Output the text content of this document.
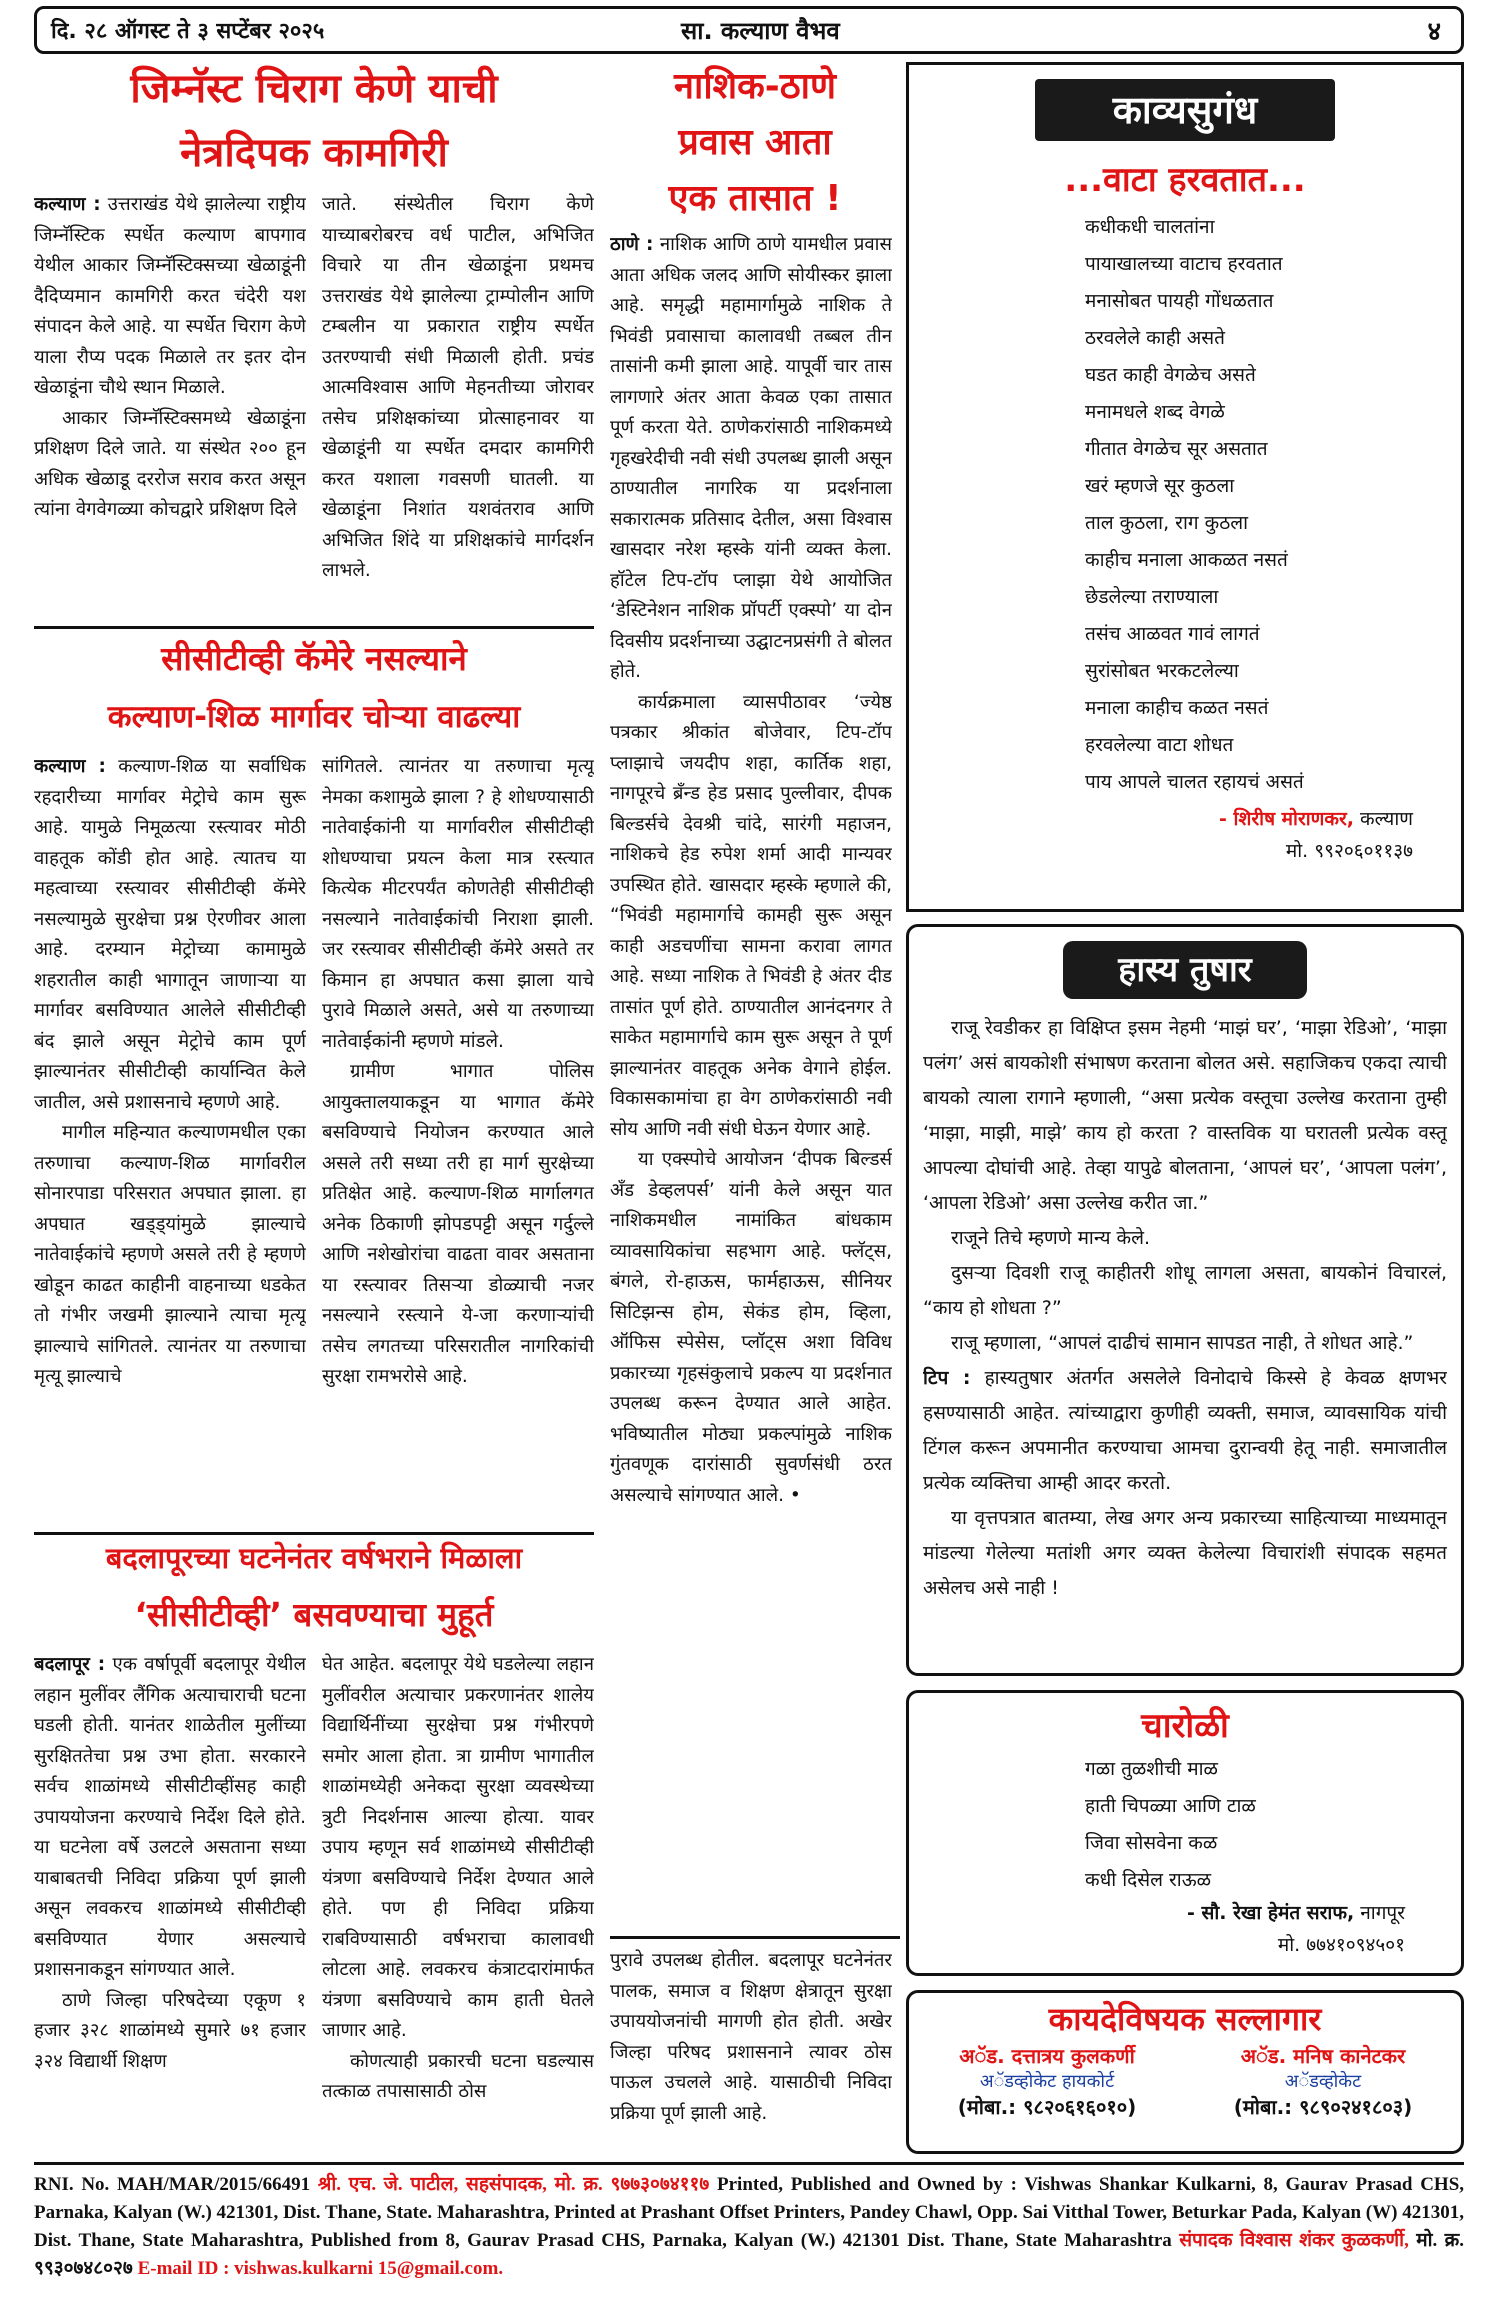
दि. २८ ऑगस्ट ते ३ सप्टेंबर २०२५	सा. कल्याण वैभव	४
जिम्नॅस्ट चिराग केणे याची
नेत्रदिपक कामगिरी

कल्याण : उत्तराखंड येथे झालेल्या राष्ट्रीय जिम्नॅस्टिक स्पर्धेत कल्याण बापगाव येथील आकार जिम्नॅस्टिक्सच्या खेळाडूंनी दैदिप्यमान कामगिरी करत चंदेरी यश संपादन केले आहे. या स्पर्धेत चिराग केणे याला रौप्य पदक मिळाले तर इतर दोन खेळाडूंना चौथे स्थान मिळाले.

आकार जिम्नॅस्टिक्समध्ये खेळाडूंना प्रशिक्षण दिले जाते. या संस्थेत २०० हून अधिक खेळाडू दररोज सराव करत असून त्यांना वेगवेगळ्या कोचद्वारे प्रशिक्षण दिले

जाते. संस्थेतील चिराग केणे याच्याबरोबरच वर्ध पाटील, अभिजित विचारे या तीन खेळाडूंना प्रथमच उत्तराखंड येथे झालेल्या ट्राम्पोलीन आणि टम्बलीन या प्रकारात राष्ट्रीय स्पर्धेत उतरण्याची संधी मिळाली होती. प्रचंड आत्मविश्वास आणि मेहनतीच्या जोरावर तसेच प्रशिक्षकांच्या प्रोत्साहनावर या खेळाडूंनी या स्पर्धेत दमदार कामगिरी करत यशाला गवसणी घातली. या खेळाडूंना निशांत यशवंतराव आणि अभिजित शिंदे या प्रशिक्षकांचे मार्गदर्शन लाभले.

सीसीटीव्ही कॅमेरे नसल्याने
कल्याण-शिळ मार्गावर चोऱ्या वाढल्या

कल्याण : कल्याण-शिळ या सर्वाधिक रहदारीच्या मार्गावर मेट्रोचे काम सुरू आहे. यामुळे निमूळत्या रस्त्यावर मोठी वाहतूक कोंडी होत आहे. त्यातच या महत्वाच्या रस्त्यावर सीसीटीव्ही कॅमेरे नसल्यामुळे सुरक्षेचा प्रश्न ऐरणीवर आला आहे. दरम्यान मेट्रोच्या कामामुळे शहरातील काही भागातून जाणाऱ्या या मार्गावर बसविण्यात आलेले सीसीटीव्ही बंद झाले असून मेट्रोचे काम पूर्ण झाल्यानंतर सीसीटीव्ही कार्यान्वित केले जातील, असे प्रशासनाचे म्हणणे आहे.

मागील महिन्यात कल्याणमधील एका तरुणाचा कल्याण-शिळ मार्गावरील सोनारपाडा परिसरात अपघात झाला. हा अपघात खड्ड्यांमुळे झाल्याचे नातेवाईकांचे म्हणणे असले तरी हे म्हणणे खोडून काढत काहीनी वाहनाच्या धडकेत तो गंभीर जखमी झाल्याने त्याचा मृत्यू झाल्याचे सांगितले. त्यानंतर या तरुणाचा मृत्यू झाल्याचे

सांगितले. त्यानंतर या तरुणाचा मृत्यू नेमका कशामुळे झाला ? हे शोधण्यासाठी नातेवाईकांनी या मार्गावरील सीसीटीव्ही शोधण्याचा प्रयत्न केला मात्र रस्त्यात कित्येक मीटरपर्यंत कोणतेही सीसीटीव्ही नसल्याने नातेवाईकांची निराशा झाली. जर रस्त्यावर सीसीटीव्ही कॅमेरे असते तर किमान हा अपघात कसा झाला याचे पुरावे मिळाले असते, असे या तरुणाच्या नातेवाईकांनी म्हणणे मांडले.

ग्रामीण भागात पोलिस आयुक्तालयाकडून या भागात कॅमेरे बसविण्याचे नियोजन करण्यात आले असले तरी सध्या तरी हा मार्ग सुरक्षेच्या प्रतिक्षेत आहे. कल्याण-शिळ मार्गालगत अनेक ठिकाणी झोपडपट्टी असून गर्दुल्ले आणि नशेखोरांचा वाढता वावर असताना या रस्त्यावर तिसऱ्या डोळ्याची नजर नसल्याने रस्त्याने ये-जा करणाऱ्यांची तसेच लगतच्या परिसरातील नागरिकांची सुरक्षा रामभरोसे आहे.

बदलापूरच्या घटनेनंतर वर्षभराने मिळाला
‘सीसीटीव्ही’ बसवण्याचा मुहूर्त

बदलापूर : एक वर्षापूर्वी बदलापूर येथील लहान मुलींवर लैंगिक अत्याचाराची घटना घडली होती. यानंतर शाळेतील मुलींच्या सुरक्षिततेचा प्रश्न उभा होता. सरकारने सर्वच शाळांमध्ये सीसीटीव्हींसह काही उपाययोजना करण्याचे निर्देश दिले होते. या घटनेला वर्षे उलटले असताना सध्या याबाबतची निविदा प्रक्रिया पूर्ण झाली असून लवकरच शाळांमध्ये सीसीटीव्ही बसविण्यात येणार असल्याचे प्रशासनाकडून सांगण्यात आले.

ठाणे जिल्हा परिषदेच्या एकूण १ हजार ३२८ शाळांमध्ये सुमारे ७१ हजार ३२४ विद्यार्थी शिक्षण

घेत आहेत. बदलापूर येथे घडलेल्या लहान मुलींवरील अत्याचार प्रकरणानंतर शालेय विद्यार्थिनींच्या सुरक्षेचा प्रश्न गंभीरपणे समोर आला होता. त्रा ग्रामीण भागातील शाळांमध्येही अनेकदा सुरक्षा व्यवस्थेच्या त्रुटी निदर्शनास आल्या होत्या. यावर उपाय म्हणून सर्व शाळांमध्ये सीसीटीव्ही यंत्रणा बसविण्याचे निर्देश देण्यात आले होते. पण ही निविदा प्रक्रिया राबविण्यासाठी वर्षभराचा कालावधी लोटला आहे. लवकरच कंत्राटदारांमार्फत यंत्रणा बसविण्याचे काम हाती घेतले जाणार आहे.

कोणत्याही प्रकारची घटना घडल्यास तत्काळ तपासासाठी ठोस

नाशिक-ठाणे
प्रवास आता
एक तासात !

ठाणे : नाशिक आणि ठाणे यामधील प्रवास आता अधिक जलद आणि सोयीस्कर झाला आहे. समृद्धी महामार्गामुळे नाशिक ते भिवंडी प्रवासाचा कालावधी तब्बल तीन तासांनी कमी झाला आहे. यापूर्वी चार तास लागणारे अंतर आता केवळ एका तासात पूर्ण करता येते. ठाणेकरांसाठी नाशिकमध्ये गृहखरेदीची नवी संधी उपलब्ध झाली असून ठाण्यातील नागरिक या प्रदर्शनाला सकारात्मक प्रतिसाद देतील, असा विश्वास खासदार नरेश म्हस्के यांनी व्यक्त केला. हॉटेल टिप-टॉप प्लाझा येथे आयोजित ‘डेस्टिनेशन नाशिक प्रॉपर्टी एक्स्पो’ या दोन दिवसीय प्रदर्शनाच्या उद्घाटनप्रसंगी ते बोलत होते.

कार्यक्रमाला व्यासपीठावर ‘ज्येष्ठ पत्रकार श्रीकांत बोजेवार, टिप-टॉप प्लाझाचे जयदीप शहा, कार्तिक शहा, नागपूरचे ब्रँन्ड हेड प्रसाद पुल्लीवार, दीपक बिल्डर्सचे देवश्री चांदे, सारंगी महाजन, नाशिकचे हेड रुपेश शर्मा आदी मान्यवर उपस्थित होते. खासदार म्हस्के म्हणाले की, “भिवंडी महामार्गाचे कामही सुरू असून काही अडचणींचा सामना करावा लागत आहे. सध्या नाशिक ते भिवंडी हे अंतर दीड तासांत पूर्ण होते. ठाण्यातील आनंदनगर ते साकेत महामार्गाचे काम सुरू असून ते पूर्ण झाल्यानंतर वाहतूक अनेक वेगाने होईल. विकासकामांचा हा वेग ठाणेकरांसाठी नवी सोय आणि नवी संधी घेऊन येणार आहे.

या एक्स्पोचे आयोजन ‘दीपक बिल्डर्स अँड डेव्हलपर्स’ यांनी केले असून यात नाशिकमधील नामांकित बांधकाम व्यावसायिकांचा सहभाग आहे. फ्लॅट्स, बंगले, रो-हाऊस, फार्महाऊस, सीनियर सिटिझन्स होम, सेकंड होम, व्हिला, ऑफिस स्पेसेस, प्लॉट्स अशा विविध प्रकारच्या गृहसंकुलाचे प्रकल्प या प्रदर्शनात उपलब्ध करून देण्यात आले आहेत. भविष्यातील मोठ्या प्रकल्पांमुळे नाशिक गुंतवणूक दारांसाठी सुवर्णसंधी ठरत असल्याचे सांगण्यात आले. •

पुरावे उपलब्ध होतील. बदलापूर घटनेनंतर पालक, समाज व शिक्षण क्षेत्रातून सुरक्षा उपाययोजनांची मागणी होत होती. अखेर जिल्हा परिषद प्रशासनाने त्यावर ठोस पाऊल उचलले आहे. यासाठीची निविदा प्रक्रिया पूर्ण झाली आहे.

काव्यसुगंध
...वाटा हरवतात...
कधीकधी चालतांना
पायाखालच्या वाटाच हरवतात
मनासोबत पायही गोंधळतात
ठरवलेले काही असते
घडत काही वेगळेच असते
मनामधले शब्द वेगळे
गीतात वेगळेच सूर असतात
खरं म्हणजे सूर कुठला
ताल कुठला, राग कुठला
काहीच मनाला आकळत नसतं
छेडलेल्या तराण्याला
तसंच आळवत गावं लागतं
सुरांसोबत भरकटलेल्या
मनाला काहीच कळत नसतं
हरवलेल्या वाटा शोधत
पाय आपले चालत रहायचं असतं
- शिरीष मोराणकर, कल्याण
मो. ९९२०६०११३७
हास्य तुषार

राजू रेवडीकर हा विक्षिप्त इसम नेहमी ‘माझं घर’, ‘माझा रेडिओ’, ‘माझा पलंग’ असं बायकोशी संभाषण करताना बोलत असे. सहाजिकच एकदा त्याची बायको त्याला रागाने म्हणाली, “असा प्रत्येक वस्तूचा उल्लेख करताना तुम्ही ‘माझा, माझी, माझे’ काय हो करता ? वास्तविक या घरातली प्रत्येक वस्तू आपल्या दोघांची आहे. तेव्हा यापुढे बोलताना, ‘आपलं घर’, ‘आपला पलंग’, ‘आपला रेडिओ’ असा उल्लेख करीत जा.”

राजूने तिचे म्हणणे मान्य केले.

दुसऱ्या दिवशी राजू काहीतरी शोधू लागला असता, बायकोनं विचारलं, “काय हो शोधता ?”

राजू म्हणाला, “आपलं दाढीचं सामान सापडत नाही, ते शोधत आहे.”

टिप : हास्यतुषार अंतर्गत असलेले विनोदाचे किस्से हे केवळ क्षणभर हसण्यासाठी आहेत. त्यांच्याद्वारा कुणीही व्यक्ती, समाज, व्यावसायिक यांची टिंगल करून अपमानीत करण्याचा आमचा दुरान्वयी हेतू नाही. समाजातील प्रत्येक व्यक्तिचा आम्ही आदर करतो.

या वृत्तपत्रात बातम्या, लेख अगर अन्य प्रकारच्या साहित्याच्या माध्यमातून मांडल्या गेलेल्या मतांशी अगर व्यक्त केलेल्या विचारांशी संपादक सहमत असेलच असे नाही !

चारोळी
गळा तुळशीची माळ
हाती चिपळ्या आणि टाळ
जिवा सोसवेना कळ
कधी दिसेल राऊळ
- सौ. रेखा हेमंत सराफ, नागपूर
मो. ७७४१०९४५०१
कायदेविषयक सल्लागार
अॅड. दत्तात्रय कुलकर्णी
अॅडव्होकेट हायकोर्ट
(मोबा.: ९८२०६१६०१०)
अॅड. मनिष कानेटकर
अॅडव्होकेट
(मोबा.: ९८९०२४१८०३)
RNI. No. MAH/MAR/2015/66491 श्री. एच. जे. पाटील, सहसंपादक, मो. क्र. ९७७३०७४११७ Printed, Published and Owned by : Vishwas Shankar Kulkarni, 8, Gaurav Prasad CHS, Parnaka, Kalyan (W.) 421301, Dist. Thane, State. Maharashtra, Printed at Prashant Offset Printers, Pandey Chawl, Opp. Sai Vitthal Tower, Beturkar Pada, Kalyan (W) 421301, Dist. Thane, State Maharashtra, Published from 8, Gaurav Prasad CHS, Parnaka, Kalyan (W.) 421301 Dist. Thane, State Maharashtra संपादक विश्वास शंकर कुळकर्णी, मो. क्र. ९९३०७४८०२७ E-mail ID : vishwas.kulkarni 15@gmail.com.
